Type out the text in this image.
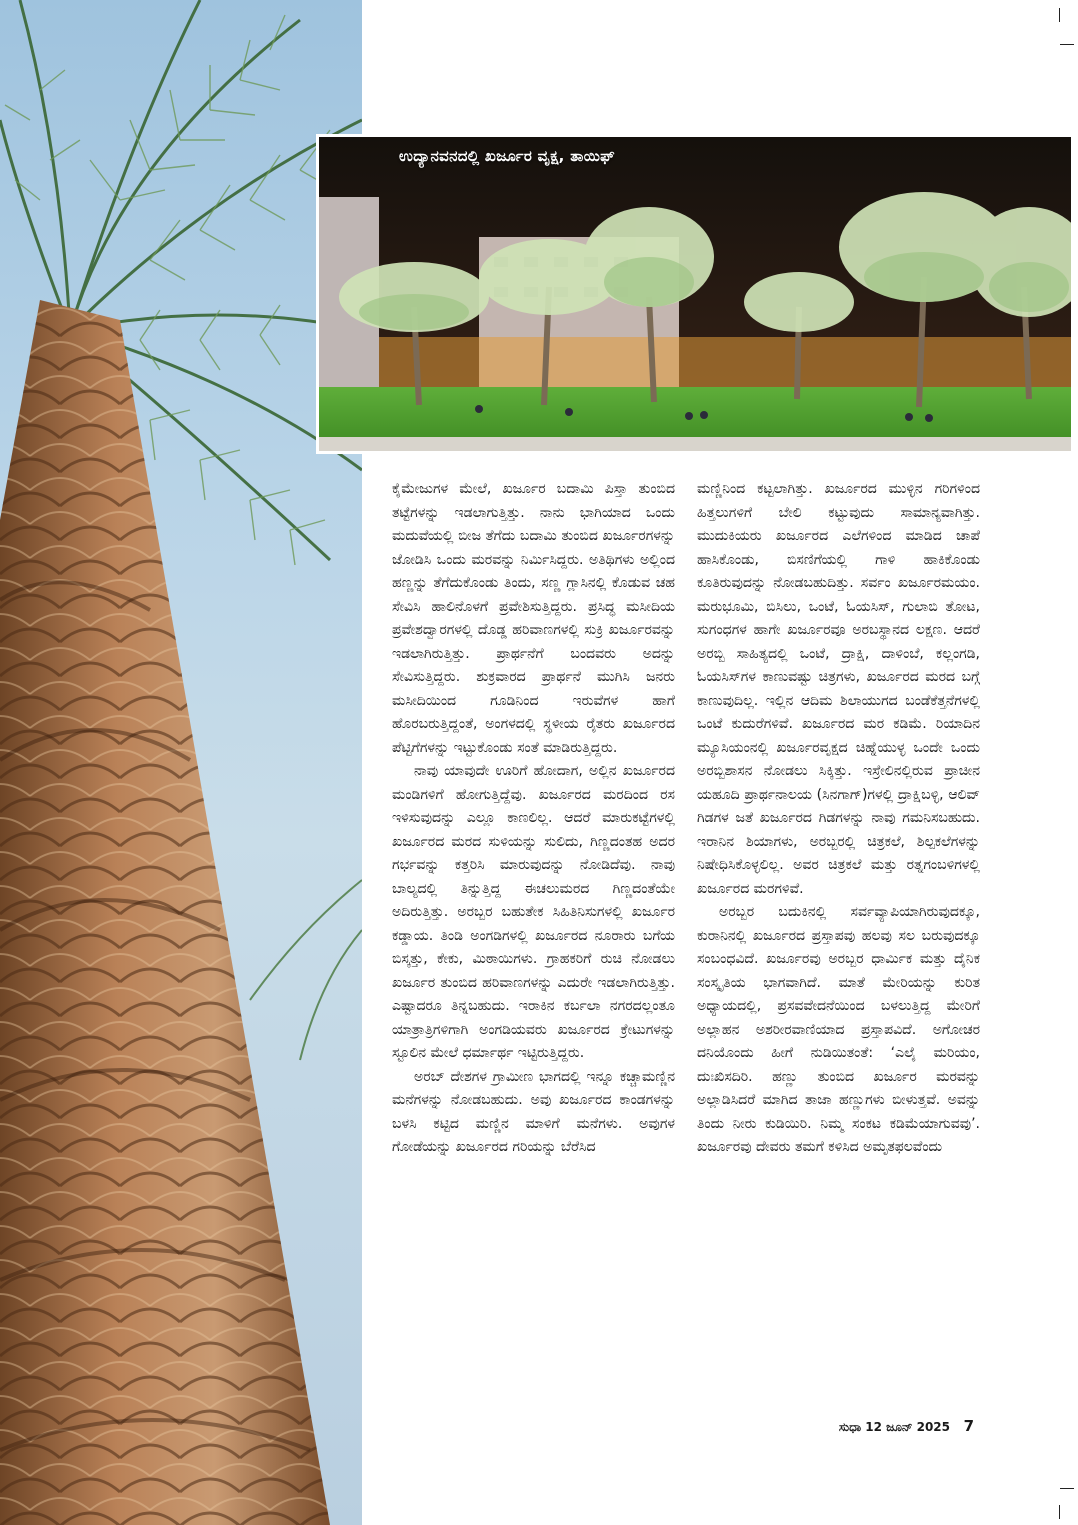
ಉದ್ಯಾನವನದಲ್ಲಿ ಖರ್ಜೂರ ವೃಕ್ಷ, ತಾಯಿಫ್

ಕೈಮೇಜುಗಳ ಮೇಲೆ, ಖರ್ಜೂರ ಬದಾಮಿ ಪಿಸ್ತಾ ತುಂಬಿದ ತಟ್ಟೆಗಳನ್ನು ಇಡಲಾಗುತ್ತಿತ್ತು. ನಾನು ಭಾಗಿಯಾದ ಒಂದು ಮದುವೆಯಲ್ಲಿ ಬೀಜ ತೆಗೆದು ಬದಾಮಿ ತುಂಬಿದ ಖರ್ಜೂರಗಳನ್ನು ಜೋಡಿಸಿ ಒಂದು ಮರವನ್ನು ನಿರ್ಮಿಸಿದ್ದರು. ಅತಿಥಿಗಳು ಅಲ್ಲಿಂದ ಹಣ್ಣನ್ನು ತೆಗೆದುಕೊಂಡು ತಿಂದು, ಸಣ್ಣ ಗ್ಲಾಸಿನಲ್ಲಿ ಕೊಡುವ ಚಹ ಸೇವಿಸಿ ಹಾಲಿನೊಳಗೆ ಪ್ರವೇಶಿಸುತ್ತಿದ್ದರು. ಪ್ರಸಿದ್ಧ ಮಸೀದಿಯ ಪ್ರವೇಶದ್ವಾರಗಳಲ್ಲಿ ದೊಡ್ಡ ಹರಿವಾಣಗಳಲ್ಲಿ ಸುಕ್ರಿ ಖರ್ಜೂರವನ್ನು ಇಡಲಾಗಿರುತ್ತಿತ್ತು. ಪ್ರಾರ್ಥನೆಗೆ ಬಂದವರು ಅದನ್ನು ಸೇವಿಸುತ್ತಿದ್ದರು. ಶುಕ್ರವಾರದ ಪ್ರಾರ್ಥನೆ ಮುಗಿಸಿ ಜನರು ಮಸೀದಿಯಿಂದ ಗೂಡಿನಿಂದ ಇರುವೆಗಳ ಹಾಗೆ ಹೊರಬರುತ್ತಿದ್ದಂತೆ, ಅಂಗಳದಲ್ಲಿ ಸ್ಥಳೀಯ ರೈತರು ಖರ್ಜೂರದ ಪೆಟ್ಟಿಗೆಗಳನ್ನು ಇಟ್ಟುಕೊಂಡು ಸಂತೆ ಮಾಡಿರುತ್ತಿದ್ದರು.

ನಾವು ಯಾವುದೇ ಊರಿಗೆ ಹೋದಾಗ, ಅಲ್ಲಿನ ಖರ್ಜೂರದ ಮಂಡಿಗಳಿಗೆ ಹೋಗುತ್ತಿದ್ದೆವು. ಖರ್ಜೂರದ ಮರದಿಂದ ರಸ ಇಳಿಸುವುದನ್ನು ಎಲ್ಲೂ ಕಾಣಲಿಲ್ಲ. ಆದರೆ ಮಾರುಕಟ್ಟೆಗಳಲ್ಲಿ ಖರ್ಜೂರದ ಮರದ ಸುಳಿಯನ್ನು ಸುಲಿದು, ಗಿಣ್ಣದಂತಹ ಅದರ ಗರ್ಭವನ್ನು ಕತ್ತರಿಸಿ ಮಾರುವುದನ್ನು ನೋಡಿದೆವು. ನಾವು ಬಾಲ್ಯದಲ್ಲಿ ತಿನ್ನುತ್ತಿದ್ದ ಈಚಲುಮರದ ಗಿಣ್ಣದಂತೆಯೇ ಅದಿರುತ್ತಿತ್ತು. ಅರಬ್ಬರ ಬಹುತೇಕ ಸಿಹಿತಿನಿಸುಗಳಲ್ಲಿ ಖರ್ಜೂರ ಕಡ್ಡಾಯ. ತಿಂಡಿ ಅಂಗಡಿಗಳಲ್ಲಿ ಖರ್ಜೂರದ ನೂರಾರು ಬಗೆಯ ಬಿಸ್ಕತ್ತು, ಕೇಕು, ಮಿಠಾಯಿಗಳು. ಗ್ರಾಹಕರಿಗೆ ರುಚಿ ನೋಡಲು ಖರ್ಜೂರ ತುಂಬಿದ ಹರಿವಾಣಗಳನ್ನು ಎದುರೇ ಇಡಲಾಗಿರುತ್ತಿತ್ತು. ಎಷ್ಟಾದರೂ ತಿನ್ನಬಹುದು. ಇರಾಕಿನ ಕರ್ಬಲಾ ನಗರದಲ್ಲಂತೂ ಯಾತ್ರಾತ್ರಿಗಳಿಗಾಗಿ ಅಂಗಡಿಯವರು ಖರ್ಜೂರದ ಕ್ರೇಟುಗಳನ್ನು ಸ್ಟೂಲಿನ ಮೇಲೆ ಧರ್ಮಾರ್ಥ ಇಟ್ಟಿರುತ್ತಿದ್ದರು.

ಅರಬ್ ದೇಶಗಳ ಗ್ರಾಮೀಣ ಭಾಗದಲ್ಲಿ ಇನ್ನೂ ಕಚ್ಚಾಮಣ್ಣಿನ ಮನೆಗಳನ್ನು ನೋಡಬಹುದು. ಅವು ಖರ್ಜೂರದ ಕಾಂಡಗಳನ್ನು ಬಳಸಿ ಕಟ್ಟಿದ ಮಣ್ಣಿನ ಮಾಳಿಗೆ ಮನೆಗಳು. ಅವುಗಳ ಗೋಡೆಯನ್ನು ಖರ್ಜೂರದ ಗರಿಯನ್ನು ಬೆರೆಸಿದ

ಮಣ್ಣಿನಿಂದ ಕಟ್ಟಲಾಗಿತ್ತು. ಖರ್ಜೂರದ ಮುಳ್ಳಿನ ಗರಿಗಳಿಂದ ಹಿತ್ತಲುಗಳಿಗೆ ಬೇಲಿ ಕಟ್ಟುವುದು ಸಾಮಾನ್ಯವಾಗಿತ್ತು. ಮುದುಕಿಯರು ಖರ್ಜೂರದ ಎಲೆಗಳಿಂದ ಮಾಡಿದ ಚಾಪೆ ಹಾಸಿಕೊಂಡು, ಬಿಸಣಿಗೆಯಲ್ಲಿ ಗಾಳಿ ಹಾಕಿಕೊಂಡು ಕೂತಿರುವುದನ್ನು ನೋಡಬಹುದಿತ್ತು. ಸರ್ವಂ ಖರ್ಜೂರಮಯಂ. ಮರುಭೂಮಿ, ಬಿಸಿಲು, ಒಂಟೆ, ಓಯಸಿಸ್, ಗುಲಾಬಿ ತೋಟ, ಸುಗಂಧಗಳ ಹಾಗೇ ಖರ್ಜೂರವೂ ಅರಬಸ್ಥಾನದ ಲಕ್ಷಣ. ಆದರೆ ಅರಬ್ಬಿ ಸಾಹಿತ್ಯದಲ್ಲಿ ಒಂಟೆ, ದ್ರಾಕ್ಷಿ, ದಾಳಿಂಬೆ, ಕಲ್ಲಂಗಡಿ, ಓಯಸಿಸ್‌ಗಳ ಕಾಣುವಷ್ಟು ಚಿತ್ರಗಳು, ಖರ್ಜೂರದ ಮರದ ಬಗ್ಗೆ ಕಾಣುವುದಿಲ್ಲ. ಇಲ್ಲಿನ ಆದಿಮ ಶಿಲಾಯುಗದ ಬಂಡೆಕೆತ್ತನೆಗಳಲ್ಲಿ ಒಂಟೆ ಕುದುರೆಗಳಿವೆ. ಖರ್ಜೂರದ ಮರ ಕಡಿಮೆ. ರಿಯಾದಿನ ಮ್ಯೂಸಿಯಂನಲ್ಲಿ ಖರ್ಜೂರವೃಕ್ಷದ ಚಿಹ್ನೆಯುಳ್ಳ ಒಂದೇ ಒಂದು ಅರಬ್ಬಿಶಾಸನ ನೋಡಲು ಸಿಕ್ಕಿತ್ತು. ಇಸ್ರೇಲಿನಲ್ಲಿರುವ ಪ್ರಾಚೀನ ಯಹೂದಿ ಪ್ರಾರ್ಥನಾಲಯ (ಸಿನಗಾಗ್)ಗಳಲ್ಲಿ ದ್ರಾಕ್ಷಿಬಳ್ಳಿ, ಆಲಿವ್ ಗಿಡಗಳ ಜತೆ ಖರ್ಜೂರದ ಗಿಡಗಳನ್ನು ನಾವು ಗಮನಿಸಬಹುದು. ಇರಾನಿನ ಶಿಯಾಗಳು, ಅರಬ್ಬರಲ್ಲಿ ಚಿತ್ರಕಲೆ, ಶಿಲ್ಪಕಲೆಗಳನ್ನು ನಿಷೇಧಿಸಿಕೊಳ್ಳಲಿಲ್ಲ. ಅವರ ಚಿತ್ರಕಲೆ ಮತ್ತು ರತ್ನಗಂಬಳಿಗಳಲ್ಲಿ ಖರ್ಜೂರದ ಮರಗಳಿವೆ.

ಅರಬ್ಬರ ಬದುಕಿನಲ್ಲಿ ಸರ್ವವ್ಯಾಪಿಯಾಗಿರುವುದಕ್ಕೂ, ಕುರಾನಿನಲ್ಲಿ ಖರ್ಜೂರದ ಪ್ರಸ್ತಾಪವು ಹಲವು ಸಲ ಬರುವುದಕ್ಕೂ ಸಂಬಂಧವಿದೆ. ಖರ್ಜೂರವು ಅರಬ್ಬರ ಧಾರ್ಮಿಕ ಮತ್ತು ದೈನಿಕ ಸಂಸ್ಕೃತಿಯ ಭಾಗವಾಗಿದೆ. ಮಾತೆ ಮೇರಿಯನ್ನು ಕುರಿತ ಅಧ್ಯಾಯದಲ್ಲಿ, ಪ್ರಸವವೇದನೆಯಿಂದ ಬಳಲುತ್ತಿದ್ದ ಮೇರಿಗೆ ಅಲ್ಲಾಹನ ಅಶರೀರವಾಣಿಯಾದ ಪ್ರಸ್ತಾಪವಿದೆ. ಅಗೋಚರ ದನಿಯೊಂದು ಹೀಗೆ ನುಡಿಯಿತಂತೆ: ‘ಎಲೈ ಮರಿಯಂ, ದುಃಖಿಸದಿರಿ. ಹಣ್ಣು ತುಂಬಿದ ಖರ್ಜೂರ ಮರವನ್ನು ಅಲ್ಲಾಡಿಸಿದರೆ ಮಾಗಿದ ತಾಜಾ ಹಣ್ಣುಗಳು ಬೀಳುತ್ತವೆ. ಅವನ್ನು ತಿಂದು ನೀರು ಕುಡಿಯಿರಿ. ನಿಮ್ಮ ಸಂಕಟ ಕಡಿಮೆಯಾಗುವವು’. ಖರ್ಜೂರವು ದೇವರು ತಮಗೆ ಕಳಿಸಿದ ಅಮೃತಫಲವೆಂದು

ಸುಧಾ 12 ಜೂನ್ 2025 7
